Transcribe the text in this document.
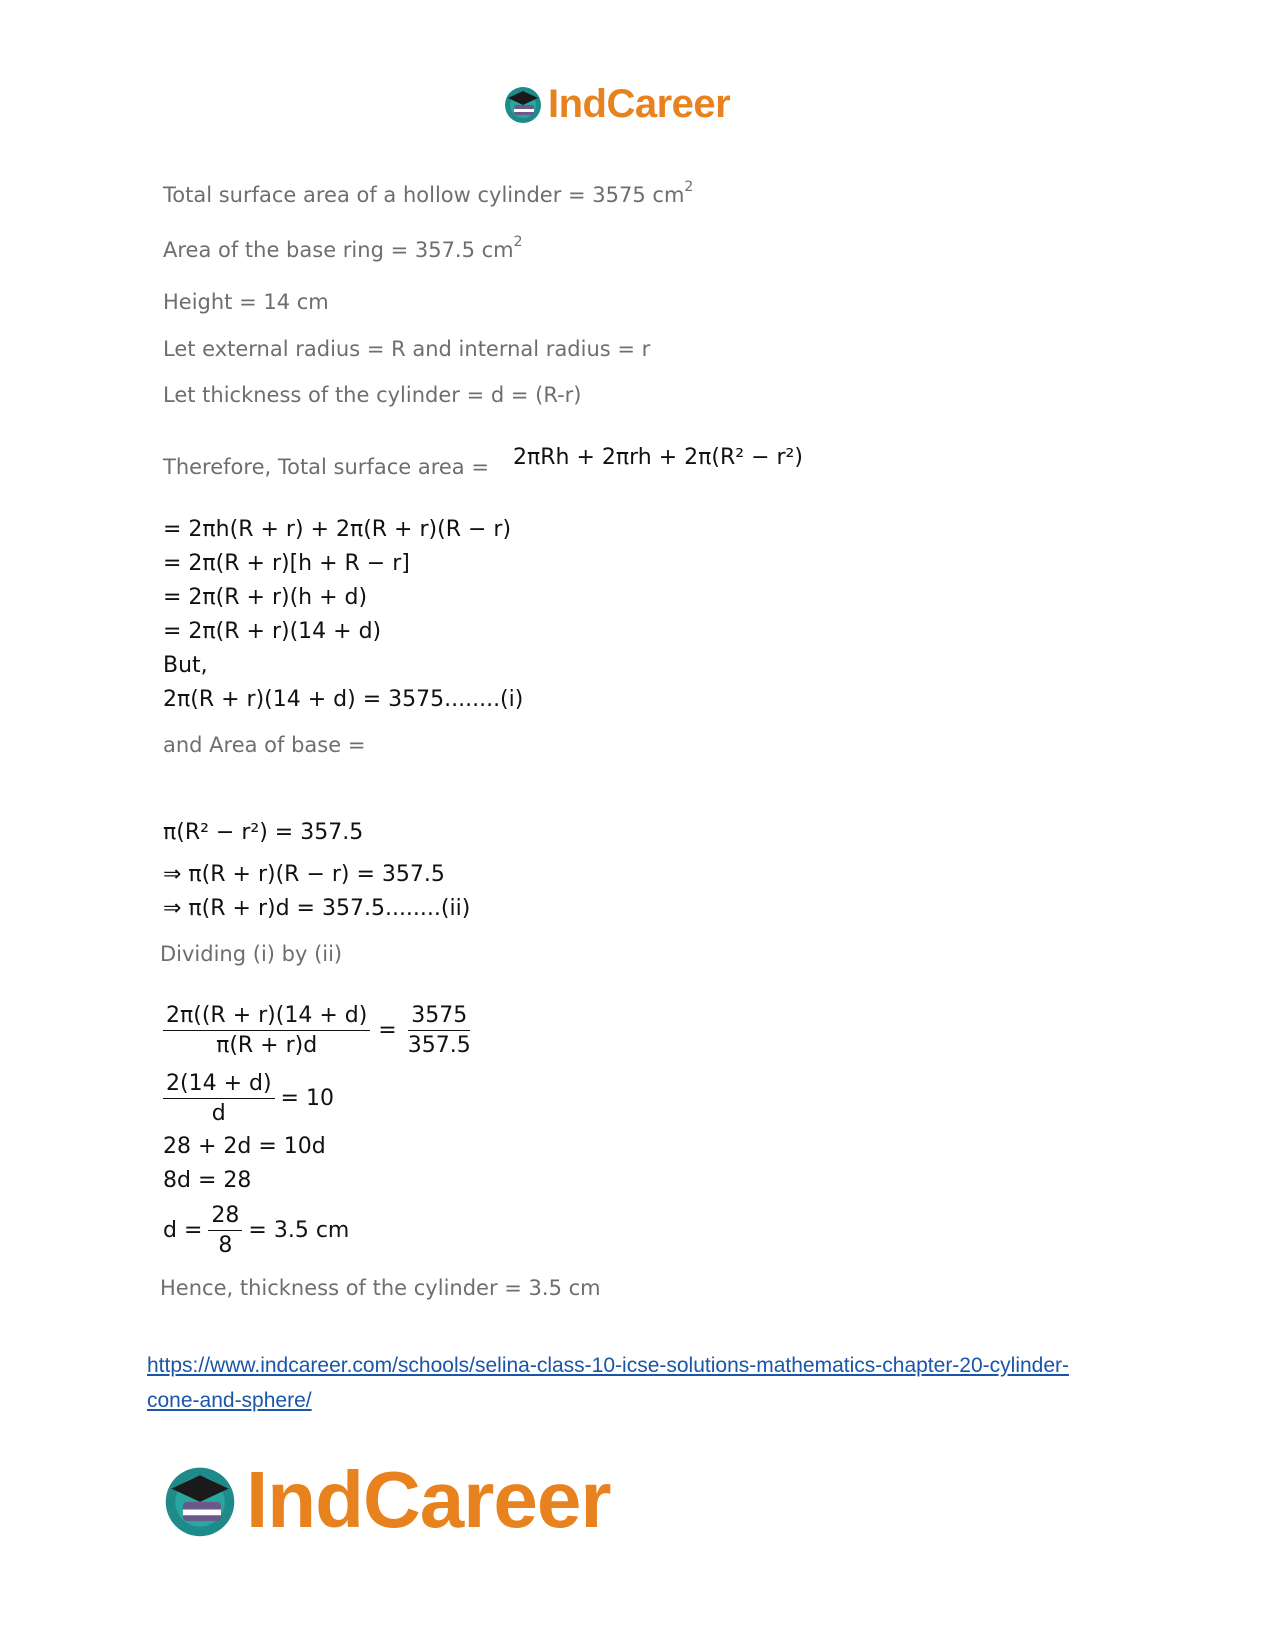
IndCareer
Total surface area of a hollow cylinder = 3575 $cm^2$
Area of the base ring = 357.5 $cm^2$
Height = 14 cm
Let external radius = R and internal radius = r
Let thickness of the cylinder = d = (R-r)
Therefore, Total surface area = 2πRh + 2πrh + 2π(R² − r²)
= 2πh(R + r) + 2π(R + r)(R − r)
= 2π(R + r)[h + R − r]
= 2π(R + r)(h + d)
= 2π(R + r)(14 + d)
But,
2π(R + r)(14 + d) = 3575........(i)
and Area of base =
π(R² − r²) = 357.5
⇒ π(R + r)(R − r) = 357.5
⇒ π(R + r)d = 357.5........(ii)
Dividing (i) by (ii)
$\frac{2\pi((R + r)(14 + d)}{\pi(R + r)d} = \frac{3575}{357.5}$
$\frac{2(14 + d)}{d} = 10$
28 + 2d = 10d
8d = 28
$d = \frac{28}{8} = 3.5$ cm
Hence, thickness of the cylinder = 3.5 cm
https://www.indcareer.com/schools/selina-class-10-icse-solutions-mathematics-chapter-20-cylinder-cone-and-sphere/
IndCareer
